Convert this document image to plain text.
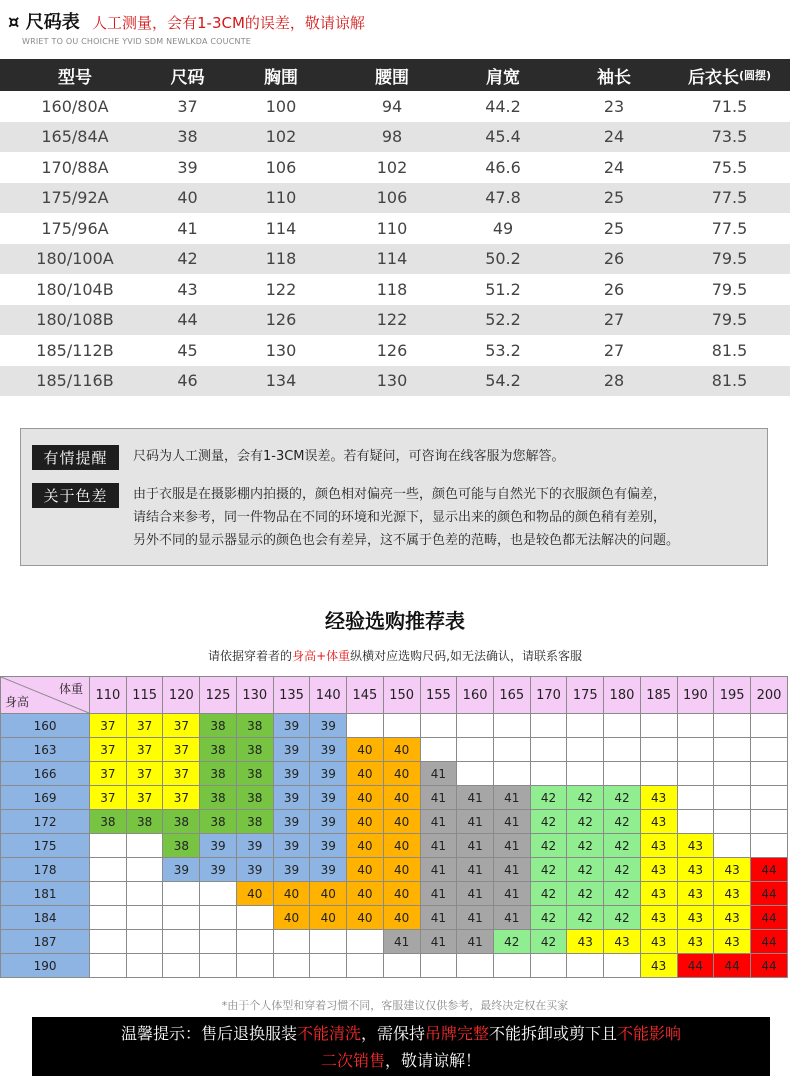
¤ 尺码表 人工测量，会有1-3CM的误差，敬请谅解
WRIET TO OU CHOICHE YVID SDM NEWLKDA COUCNTE
型号	尺码	胸围	腰围	肩宽	袖长	后衣长 (圆摆)
160/80A	37	100	94	44.2	23	71.5
165/84A	38	102	98	45.4	24	73.5
170/88A	39	106	102	46.6	24	75.5
175/92A	40	110	106	47.8	25	77.5
175/96A	41	114	110	49	25	77.5
180/100A	42	118	114	50.2	26	79.5
180/104B	43	122	118	51.2	26	79.5
180/108B	44	126	122	52.2	27	79.5
185/112B	45	130	126	53.2	27	81.5
185/116B	46	134	130	54.2	28	81.5
有情提醒	尺码为人工测量，会有1-3CM误差。若有疑问，可咨询在线客服为您解答。
关于色差	由于衣服是在摄影棚内拍摄的，颜色相对偏亮一些，颜色可能与自然光下的衣服颜色有偏差，
请结合来参考，同一件物品在不同的环境和光源下，显示出来的颜色和物品的颜色稍有差别，
另外不同的显示器显示的颜色也会有差异，这不属于色差的范畴，也是较色都无法解决的问题。
经验选购推荐表
请依据穿着者的身高+体重纵横对应选购尺码,如无法确认，请联系客服
体重
身高	110	115	120	125	130	135	140	145	150	155	160	165	170	175	180	185	190	195	200
160	37	37	37	38	38	39	39												
163	37	37	37	38	38	39	39	40	40										
166	37	37	37	38	38	39	39	40	40	41									
169	37	37	37	38	38	39	39	40	40	41	41	41	42	42	42	43			
172	38	38	38	38	38	39	39	40	40	41	41	41	42	42	42	43			
175			38	39	39	39	39	40	40	41	41	41	42	42	42	43	43		
178			39	39	39	39	39	40	40	41	41	41	42	42	42	43	43	43	44
181					40	40	40	40	40	41	41	41	42	42	42	43	43	43	44
184						40	40	40	40	41	41	41	42	42	42	43	43	43	44
187									41	41	41	42	42	43	43	43	43	43	44
190																43	44	44	44
*由于个人体型和穿着习惯不同，客服建议仅供参考，最终决定权在买家
温馨提示：售后退换服装不能清洗，需保持吊牌完整不能拆卸或剪下且不能影响
二次销售，敬请谅解！
